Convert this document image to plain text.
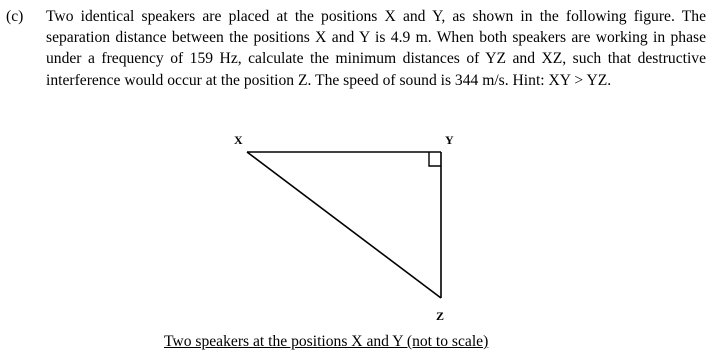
(c)	Two identical speakers are placed at the positions X and Y, as shown in the following figure. The separation distance between the positions X and Y is 4.9 m. When both speakers are working in phase under a frequency of 159 Hz, calculate the minimum distances of YZ and XZ, such that destructive interference would occur at the position Z. The speed of sound is 344 m/s. Hint: XY > YZ.
X	Y
Z
Two speakers at the positions X and Y (not to scale)
